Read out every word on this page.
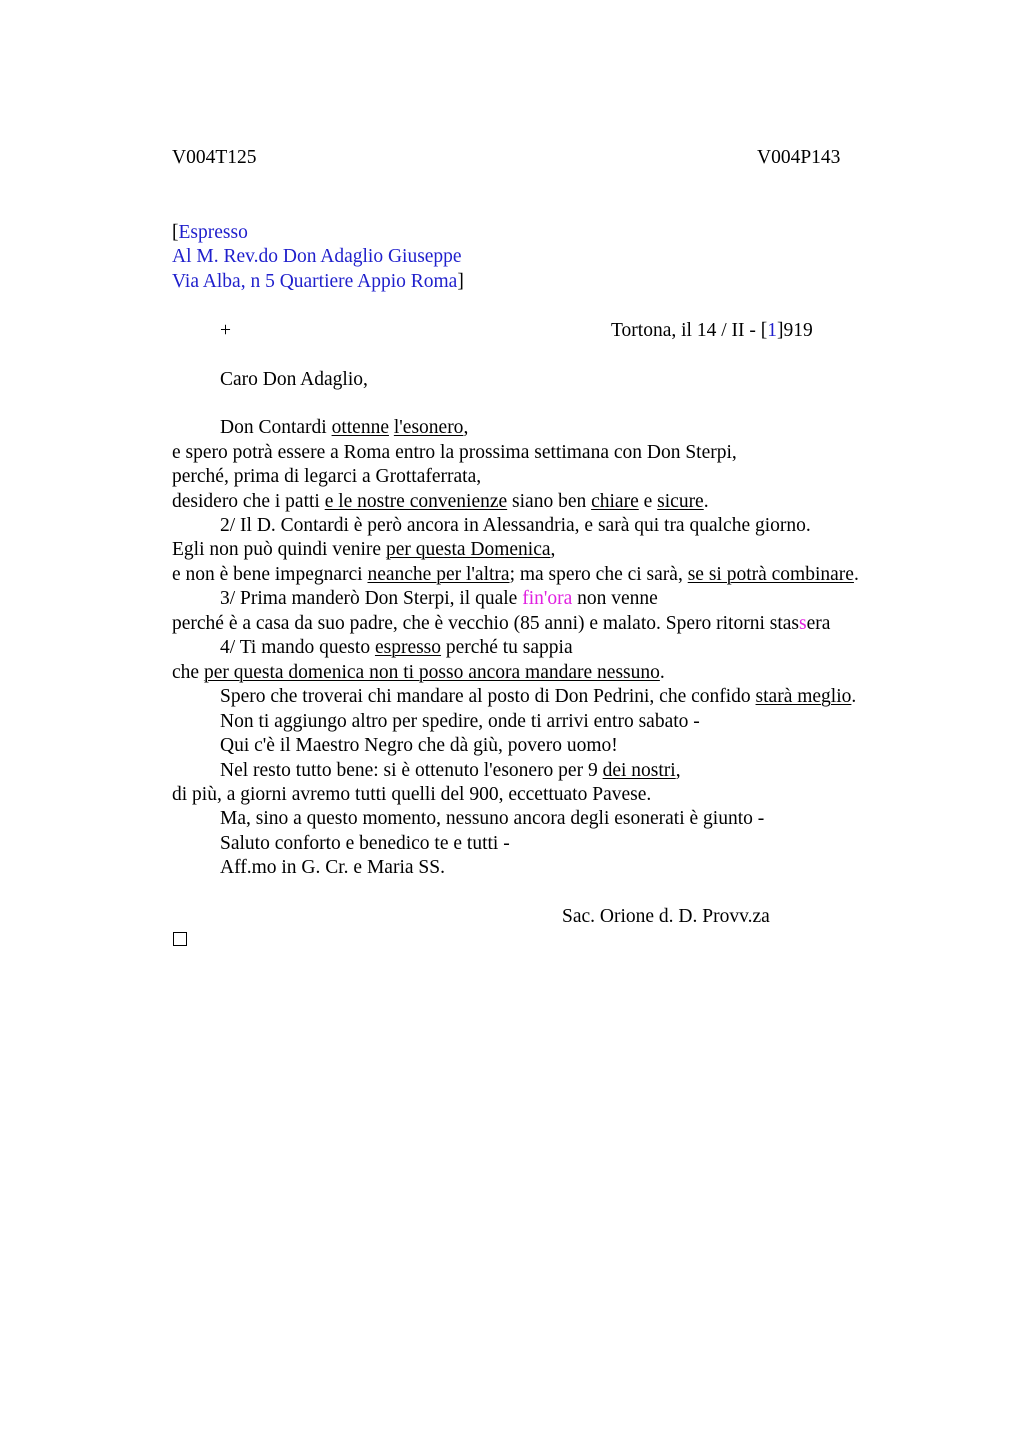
V004T125	V004P143
[Espresso
Al M. Rev.do Don Adaglio Giuseppe
Via Alba, n 5 Quartiere Appio Roma]
+	Tortona, il 14 / II - [1]919
Caro Don Adaglio,
Don Contardi ottenne l'esonero,
e spero potrà essere a Roma entro la prossima settimana con Don Sterpi,
perché, prima di legarci a Grottaferrata,
desidero che i patti e le nostre convenienze siano ben chiare e sicure.
2/ Il D. Contardi è però ancora in Alessandria, e sarà qui tra qualche giorno.
Egli non può quindi venire per questa Domenica,
e non è bene impegnarci neanche per l'altra; ma spero che ci sarà, se si potrà combinare.
3/ Prima manderò Don Sterpi, il quale fin'ora non venne
perché è a casa da suo padre, che è vecchio (85 anni) e malato. Spero ritorni stassera
4/ Ti mando questo espresso perché tu sappia
che per questa domenica non ti posso ancora mandare nessuno.
Spero che troverai chi mandare al posto di Don Pedrini, che confido starà meglio.
Non ti aggiungo altro per spedire, onde ti arrivi entro sabato -
Qui c'è il Maestro Negro che dà giù, povero uomo!
Nel resto tutto bene: si è ottenuto l'esonero per 9 dei nostri,
di più, a giorni avremo tutti quelli del 900, eccettuato Pavese.
Ma, sino a questo momento, nessuno ancora degli esonerati è giunto -
Saluto conforto e benedico te e tutti -
Aff.mo in G. Cr. e Maria SS.
Sac. Orione d. D. Provv.za
